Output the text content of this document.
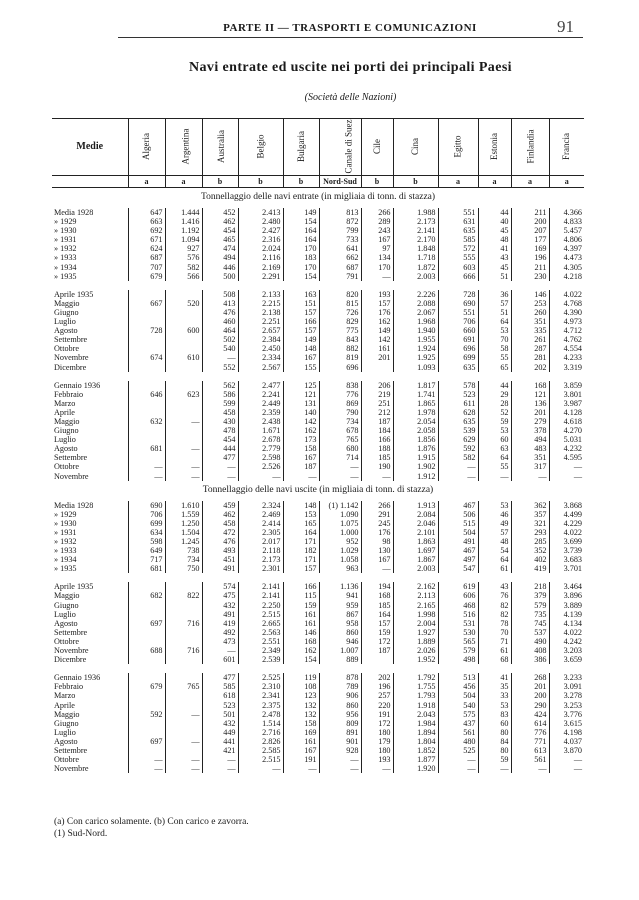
PARTE II — TRASPORTI E COMUNICAZIONI	91
Navi entrate ed uscite nei porti dei principali Paesi
(Società delle Nazioni)
Medie	Algeria	Argentina	Australia	Belgio	Bulgaria	Canale di Suez	Cile	Cina	Egitto	Estonia	Finlandia	Francia
	a	a	b	b	b	Nord-Sud	b	b	a	a	a	a
Tonnellaggio delle navi entrate (in migliaia di tonn. di stazza)												
Media 1928	647	1.444	452	2.413	149	813	266	1.988	551	44	211	4.366
» 1929	663	1.416	462	2.480	154	872	289	2.173	631	40	200	4.833
» 1930	692	1.192	454	2.427	164	799	243	2.141	635	45	207	5.457
» 1931	671	1.094	465	2.316	164	733	167	2.170	585	48	177	4.806
» 1932	624	927	474	2.024	170	641	97	1.848	572	41	169	4.397
» 1933	687	576	494	2.116	183	662	134	1.718	555	43	196	4.473
» 1934	707	582	446	2.169	170	687	170	1.872	603	45	211	4.305
» 1935	679	566	500	2.291	154	791	—	2.003	666	51	230	4.218

Aprile 1935			508	2.133	163	820	193	2.226	728	36	146	4.022
Maggio	667	520	413	2.215	151	815	157	2.088	690	57	253	4.768
Giugno			476	2.138	157	726	176	2.067	551	51	260	4.390
Luglio			460	2.251	166	829	162	1.968	706	64	351	4.973
Agosto	728	600	464	2.657	157	775	149	1.940	660	53	335	4.712
Settembre			502	2.384	149	843	142	1.955	691	70	261	4.762
Ottobre			540	2.450	148	882	161	1.924	696	58	287	4.554
Novembre	674	610	—	2.334	167	819	201	1.925	699	55	281	4.233
Dicembre			552	2.567	155	696		1.093	635	65	202	3.319

Gennaio 1936			562	2.477	125	838	206	1.817	578	44	168	3.859
Febbraio	646	623	586	2.241	121	776	219	1.741	523	29	121	3.801
Marzo			599	2.449	131	869	251	1.865	611	28	136	3.987
Aprile			458	2.359	140	790	212	1.978	628	52	201	4.128
Maggio	632	—	430	2.438	142	734	187	2.054	635	59	279	4.618
Giugno			478	1.671	162	678	184	2.058	539	53	378	4.270
Luglio			454	2.678	173	765	166	1.856	629	60	494	5.031
Agosto	681	—	444	2.779	158	680	188	1.876	592	63	483	4.232
Settembre			477	2.598	167	714	185	1.915	582	64	351	4.595
Ottobre	—	—	—	2.526	187	—	190	1.902	—	55	317	—
Novembre	—	—	—	—	—	—	—	1.912	—	—	—	—
Tonnellaggio delle navi uscite (in migliaia di tonn. di stazza)												
Media 1928	690	1.610	459	2.324	148	(1) 1.142	266	1.913	467	53	362	3.868
» 1929	706	1.559	462	2.469	153	1.090	291	2.084	506	46	357	4.499
» 1930	699	1.250	458	2.414	165	1.075	245	2.046	515	49	321	4.229
» 1931	634	1.504	472	2.305	164	1.000	176	2.101	504	57	293	4.022
» 1932	598	1.245	476	2.017	171	952	98	1.863	491	48	285	3.699
» 1933	649	738	493	2.118	182	1.029	130	1.697	467	54	352	3.739
» 1934	717	734	451	2.173	171	1.058	167	1.867	497	64	402	3.683
» 1935	681	750	491	2.301	157	963	—	2.003	547	61	419	3.701

Aprile 1935			574	2.141	166	1.136	194	2.162	619	43	218	3.464
Maggio	682	822	475	2.141	115	941	168	2.113	606	76	379	3.896
Giugno			432	2.250	159	959	185	2.165	468	82	579	3.889
Luglio			491	2.515	161	867	164	1.998	516	82	735	4.139
Agosto	697	716	419	2.665	161	958	157	2.004	531	78	745	4.134
Settembre			492	2.563	146	860	159	1.927	530	70	537	4.022
Ottobre			473	2.551	168	946	172	1.889	565	71	490	4.242
Novembre	688	716	—	2.349	162	1.007	187	2.026	579	61	408	3.203
Dicembre			601	2.539	154	889		1.952	498	68	386	3.659

Gennaio 1936			477	2.525	119	878	202	1.792	513	41	268	3.233
Febbraio	679	765	585	2.310	108	789	196	1.755	456	35	201	3.091
Marzo			618	2.341	123	906	257	1.793	504	33	200	3.278
Aprile			523	2.375	132	860	220	1.918	540	53	290	3.253
Maggio	592	—	501	2.478	132	956	191	2.043	575	83	424	3.776
Giugno			432	1.514	158	809	172	1.984	437	60	614	3.615
Luglio			449	2.716	169	891	180	1.894	561	80	776	4.198
Agosto	697	—	441	2.826	161	901	179	1.804	480	84	771	4.037
Settembre			421	2.585	167	928	180	1.852	525	80	613	3.870
Ottobre	—	—	—	2.515	191	—	193	1.877	—	59	561	—
Novembre	—	—	—	—	—	—	—	1.920	—	—	—	—
(a) Con carico solamente. (b) Con carico e zavorra.
(1) Sud-Nord.
